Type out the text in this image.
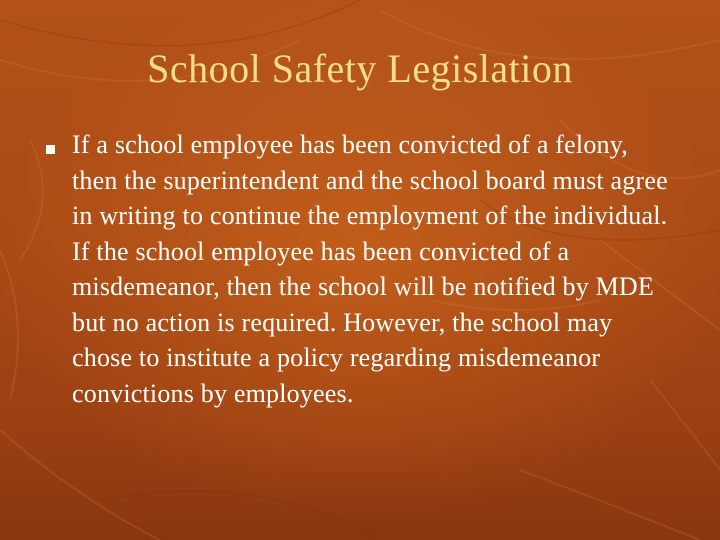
School Safety Legislation

If a school employee has been convicted of a felony, then the superintendent and the school board must agree in writing to continue the employment of the individual. If the school employee has been convicted of a misdemeanor, then the school will be notified by MDE but no action is required. However, the school may chose to institute a policy regarding misdemeanor convictions by employees.
